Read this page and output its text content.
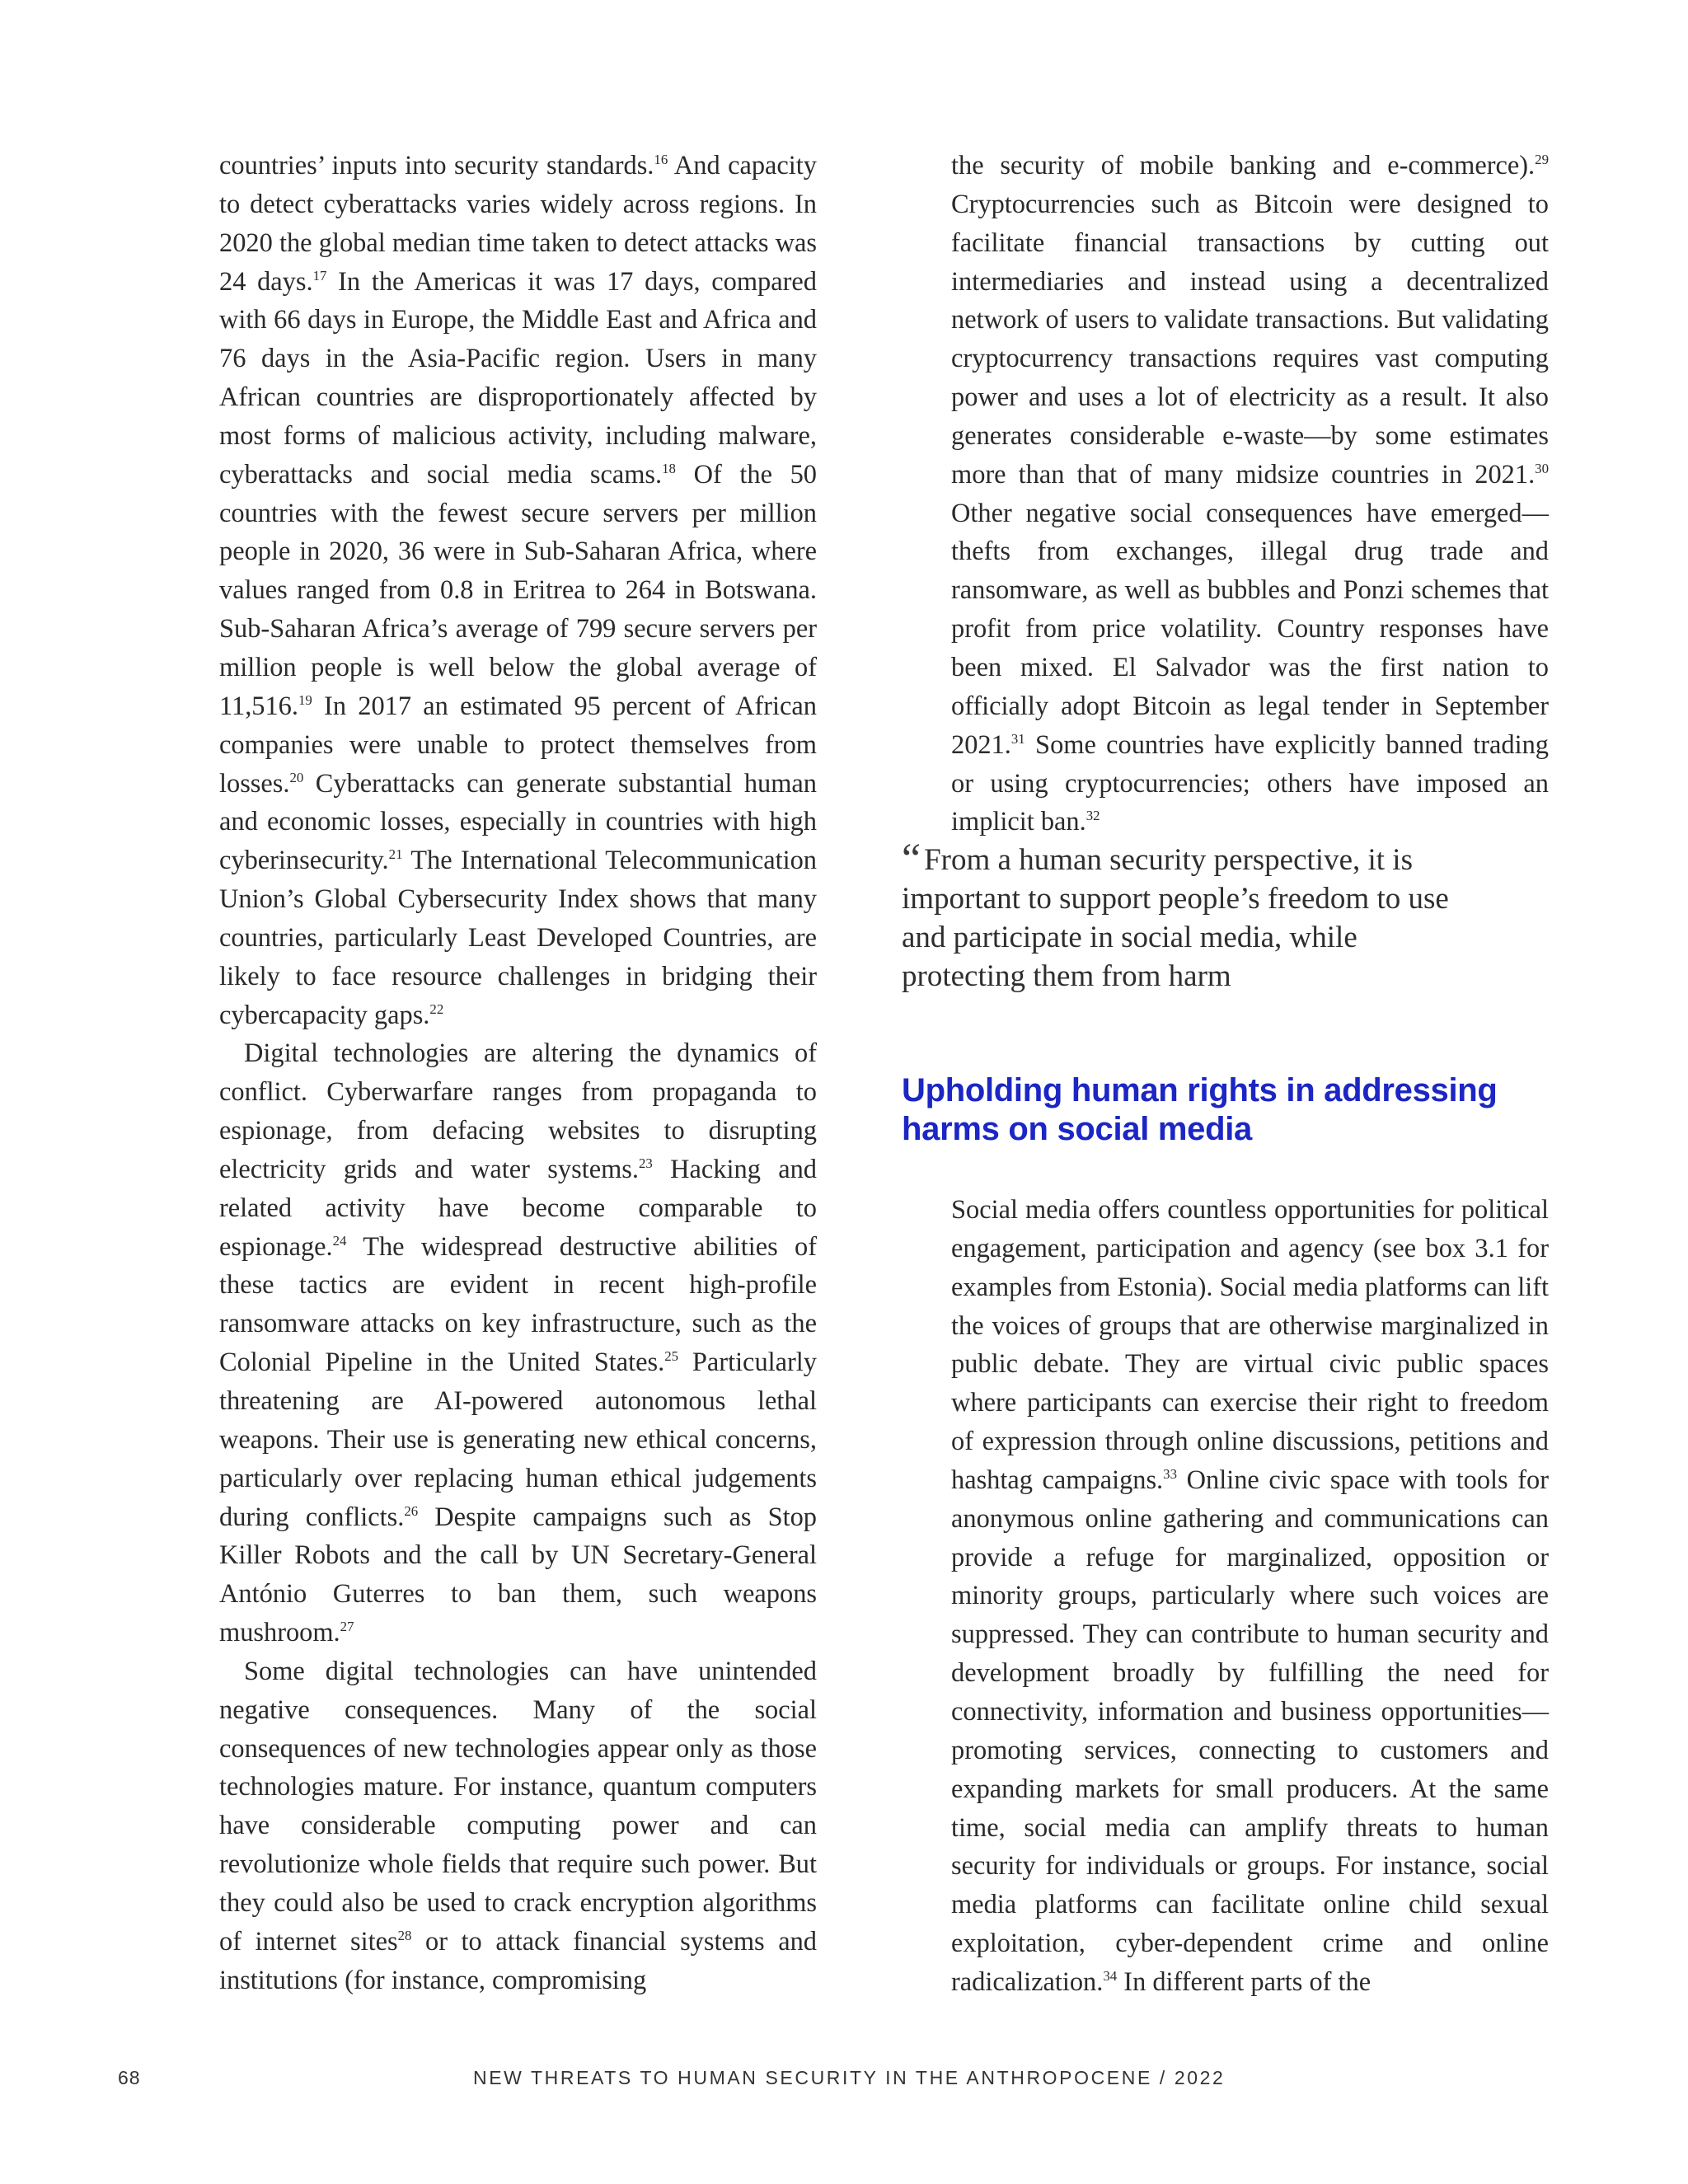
countries’ inputs into security standards.$^{16}$ And capacity to detect cyberattacks varies widely across regions. In 2020 the global median time taken to detect attacks was 24 days.$^{17}$ In the Americas it was 17 days, compared with 66 days in Europe, the Middle East and Africa and 76 days in the Asia-Pacific region. Users in many African countries are disproportionately affected by most forms of malicious activity, including malware, cyberattacks and social media scams.$^{18}$ Of the 50 countries with the fewest secure servers per million people in 2020, 36 were in Sub-Saharan Africa, where values ranged from 0.8 in Eritrea to 264 in Botswana. Sub-Saharan Africa’s average of 799 secure servers per million people is well below the global average of 11,516.19 In 2017 an estimated 95 percent of African companies were unable to protect themselves from losses.$^{20}$ Cyberattacks can generate substantial human and economic losses, especially in countries with high cyberinsecurity.$^{21}$ The International Telecommunication Union’s Global Cybersecurity Index shows that many countries, particularly Least Developed Countries, are likely to face resource challenges in bridging their cybercapacity gaps.$^{22}$

Digital technologies are altering the dynamics of conflict. Cyberwarfare ranges from propaganda to espionage, from defacing websites to disrupting electricity grids and water systems.$^{23}$ Hacking and related activity have become comparable to espionage.$^{24}$ The widespread destructive abilities of these tactics are evident in recent high-profile ransomware attacks on key infrastructure, such as the Colonial Pipeline in the United States.$^{25}$ Particularly threatening are AI-powered autonomous lethal weapons. Their use is generating new ethical concerns, particularly over replacing human ethical judgements during conflicts.$^{26}$ Despite campaigns such as Stop Killer Robots and the call by UN Secretary-General António Guterres to ban them, such weapons mushroom.$^{27}$

Some digital technologies can have unintended negative consequences. Many of the social consequences of new technologies appear only as those technologies mature. For instance, quantum computers have considerable computing power and can revolutionize whole fields that require such power. But they could also be used to crack encryption algorithms of internet sites$^{28}$ or to attack financial systems and institutions (for instance, compromising

the security of mobile banking and e-commerce).$^{29}$ Cryptocurrencies such as Bitcoin were designed to facilitate financial transactions by cutting out intermediaries and instead using a decentralized network of users to validate transactions. But validating cryptocurrency transactions requires vast computing power and uses a lot of electricity as a result. It also generates considerable e-waste—by some estimates more than that of many midsize countries in 2021.30 Other negative social consequences have emerged—thefts from exchanges, illegal drug trade and ransomware, as well as bubbles and Ponzi schemes that profit from price volatility. Country responses have been mixed. El Salvador was the first nation to officially adopt Bitcoin as legal tender in September 2021.31 Some countries have explicitly banned trading or using cryptocurrencies; others have imposed an implicit ban.$^{32}$

“ From a human security perspective, it is important to support people’s freedom to use and participate in social media, while protecting them from harm
Upholding human rights in addressing harms on social media

Social media offers countless opportunities for political engagement, participation and agency (see box 3.1 for examples from Estonia). Social media platforms can lift the voices of groups that are otherwise marginalized in public debate. They are virtual civic public spaces where participants can exercise their right to freedom of expression through online discussions, petitions and hashtag campaigns.$^{33}$ Online civic space with tools for anonymous online gathering and communications can provide a refuge for marginalized, opposition or minority groups, particularly where such voices are suppressed. They can contribute to human security and development broadly by fulfilling the need for connectivity, information and business opportunities—promoting services, connecting to customers and expanding markets for small producers. At the same time, social media can amplify threats to human security for individuals or groups. For instance, social media platforms can facilitate online child sexual exploitation, cyber-dependent crime and online radicalization.$^{34}$ In different parts of the

68	NEW THREATS TO HUMAN SECURITY IN THE ANTHROPOCENE / 2022
